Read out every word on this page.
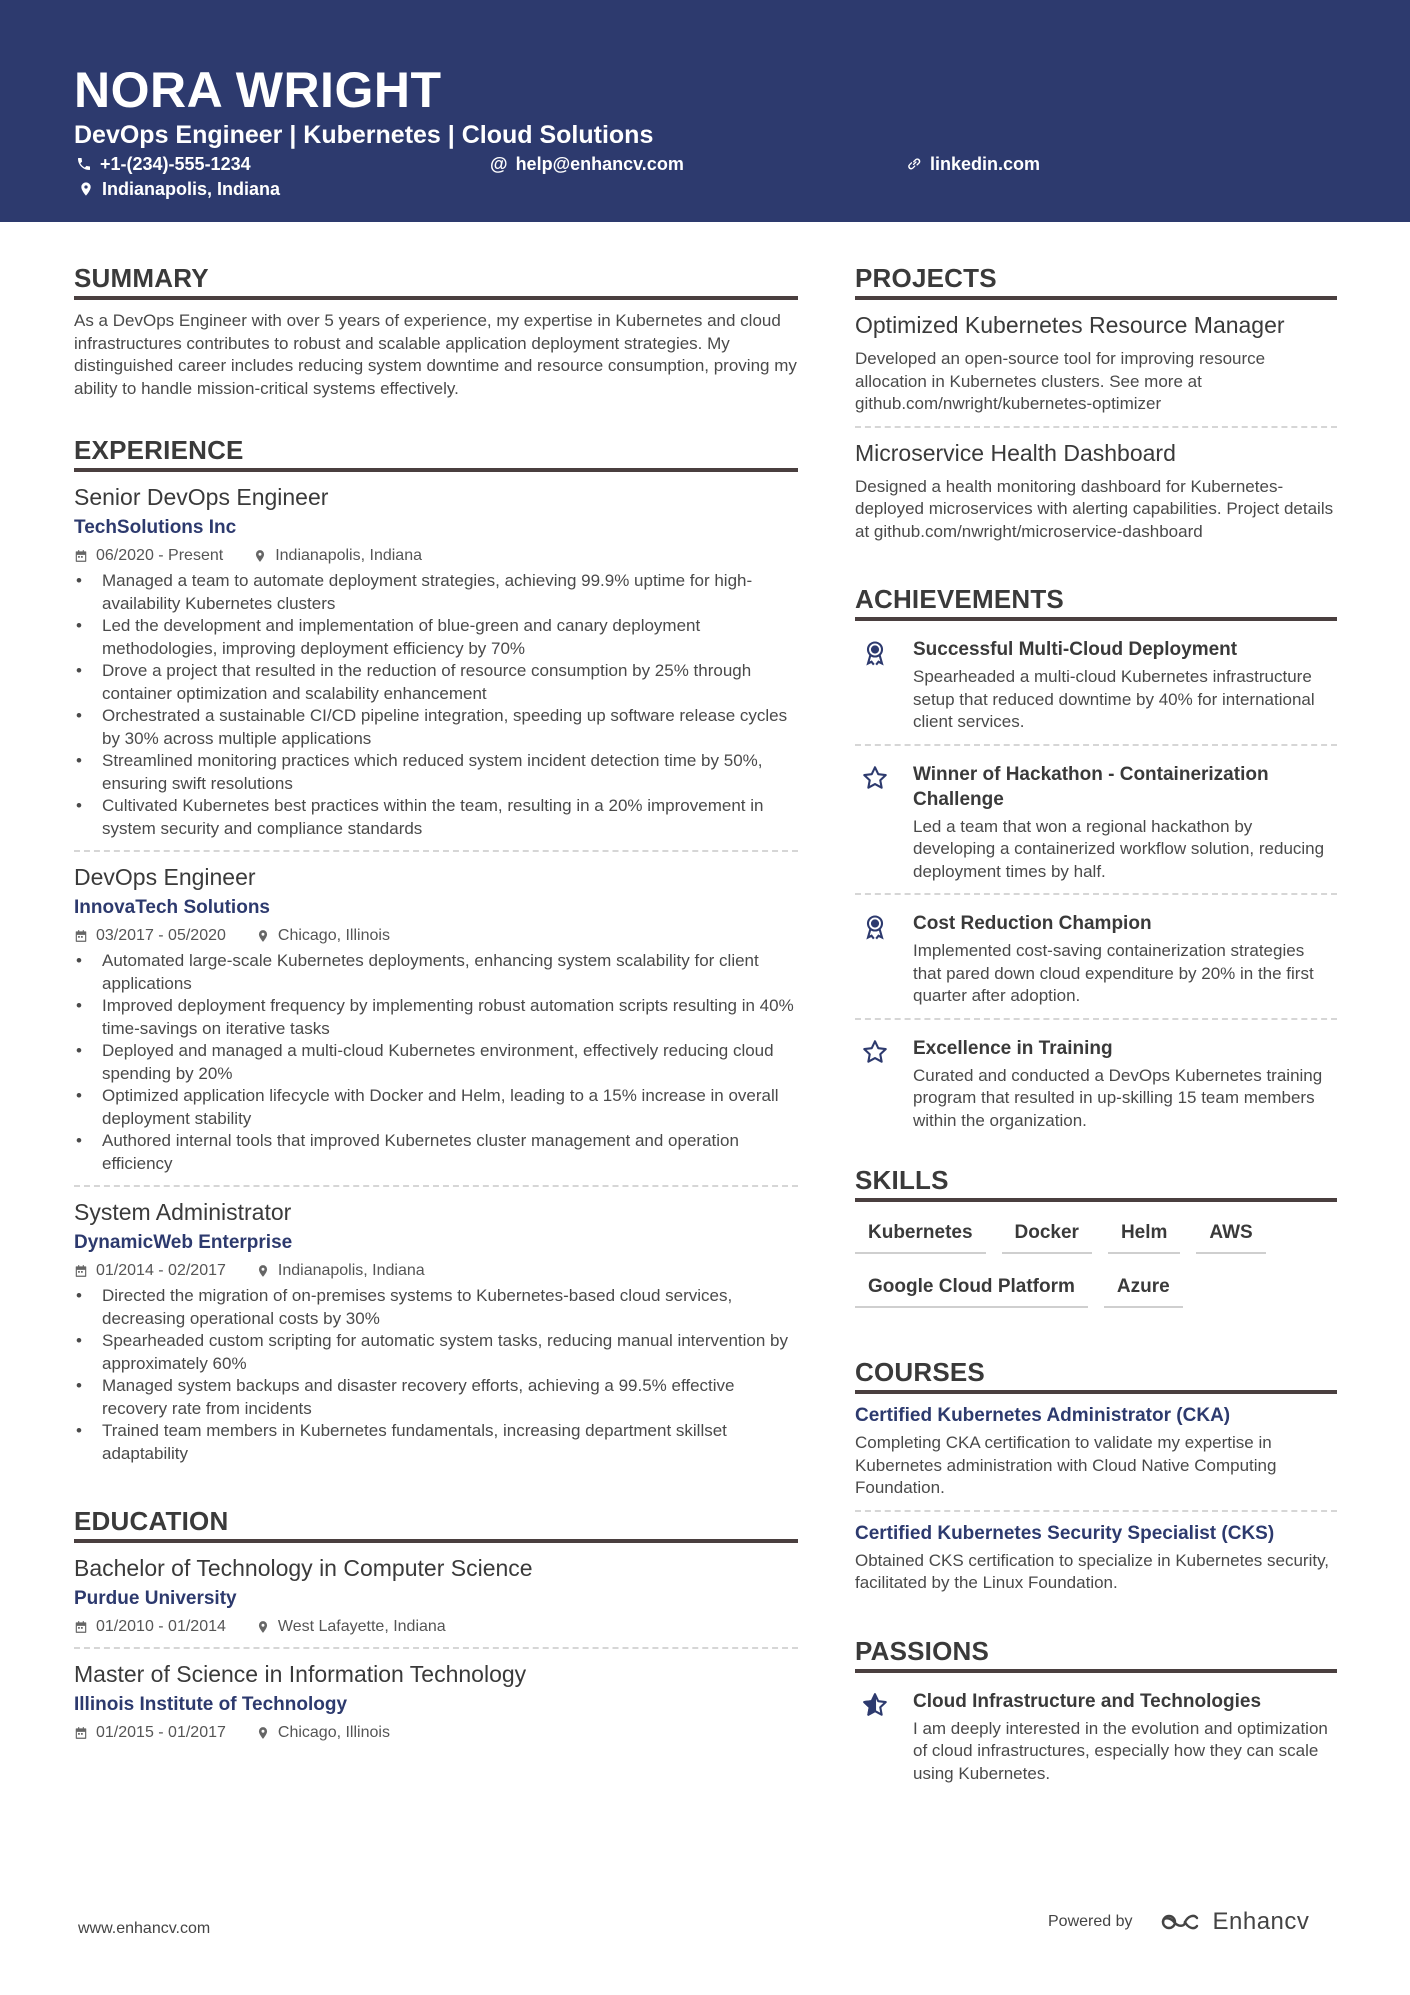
NORA WRIGHT
DevOps Engineer | Kubernetes | Cloud Solutions
+1-(234)-555-1234	@ help@enhancv.com	linkedin.com
Indianapolis, Indiana
SUMMARY
As a DevOps Engineer with over 5 years of experience, my expertise in Kubernetes and cloud infrastructures contributes to robust and scalable application deployment strategies. My distinguished career includes reducing system downtime and resource consumption, proving my ability to handle mission-critical systems effectively.
EXPERIENCE
Senior DevOps Engineer
TechSolutions Inc
06/2020 - Present	Indianapolis, Indiana
• Managed a team to automate deployment strategies, achieving 99.9% uptime for high-availability Kubernetes clusters
• Led the development and implementation of blue-green and canary deployment methodologies, improving deployment efficiency by 70%
• Drove a project that resulted in the reduction of resource consumption by 25% through container optimization and scalability enhancement
• Orchestrated a sustainable CI/CD pipeline integration, speeding up software release cycles by 30% across multiple applications
• Streamlined monitoring practices which reduced system incident detection time by 50%, ensuring swift resolutions
• Cultivated Kubernetes best practices within the team, resulting in a 20% improvement in system security and compliance standards
DevOps Engineer
InnovaTech Solutions
03/2017 - 05/2020	Chicago, Illinois
• Automated large-scale Kubernetes deployments, enhancing system scalability for client applications
• Improved deployment frequency by implementing robust automation scripts resulting in 40% time-savings on iterative tasks
• Deployed and managed a multi-cloud Kubernetes environment, effectively reducing cloud spending by 20%
• Optimized application lifecycle with Docker and Helm, leading to a 15% increase in overall deployment stability
• Authored internal tools that improved Kubernetes cluster management and operation efficiency
System Administrator
DynamicWeb Enterprise
01/2014 - 02/2017	Indianapolis, Indiana
• Directed the migration of on-premises systems to Kubernetes-based cloud services, decreasing operational costs by 30%
• Spearheaded custom scripting for automatic system tasks, reducing manual intervention by approximately 60%
• Managed system backups and disaster recovery efforts, achieving a 99.5% effective recovery rate from incidents
• Trained team members in Kubernetes fundamentals, increasing department skillset adaptability
EDUCATION
Bachelor of Technology in Computer Science
Purdue University
01/2010 - 01/2014	West Lafayette, Indiana
Master of Science in Information Technology
Illinois Institute of Technology
01/2015 - 01/2017	Chicago, Illinois
PROJECTS
Optimized Kubernetes Resource Manager
Developed an open-source tool for improving resource allocation in Kubernetes clusters. See more at github.com/nwright/kubernetes-optimizer
Microservice Health Dashboard
Designed a health monitoring dashboard for Kubernetes-deployed microservices with alerting capabilities. Project details at github.com/nwright/microservice-dashboard
ACHIEVEMENTS
Successful Multi-Cloud Deployment
Spearheaded a multi-cloud Kubernetes infrastructure setup that reduced downtime by 40% for international client services.
Winner of Hackathon - Containerization Challenge
Led a team that won a regional hackathon by developing a containerized workflow solution, reducing deployment times by half.
Cost Reduction Champion
Implemented cost-saving containerization strategies that pared down cloud expenditure by 20% in the first quarter after adoption.
Excellence in Training
Curated and conducted a DevOps Kubernetes training program that resulted in up-skilling 15 team members within the organization.
SKILLS
Kubernetes	Docker	Helm	AWS
Google Cloud Platform	Azure
COURSES
Certified Kubernetes Administrator (CKA)
Completing CKA certification to validate my expertise in Kubernetes administration with Cloud Native Computing Foundation.
Certified Kubernetes Security Specialist (CKS)
Obtained CKS certification to specialize in Kubernetes security, facilitated by the Linux Foundation.
PASSIONS
Cloud Infrastructure and Technologies
I am deeply interested in the evolution and optimization of cloud infrastructures, especially how they can scale using Kubernetes.
www.enhancv.com	Powered by	Enhancv
